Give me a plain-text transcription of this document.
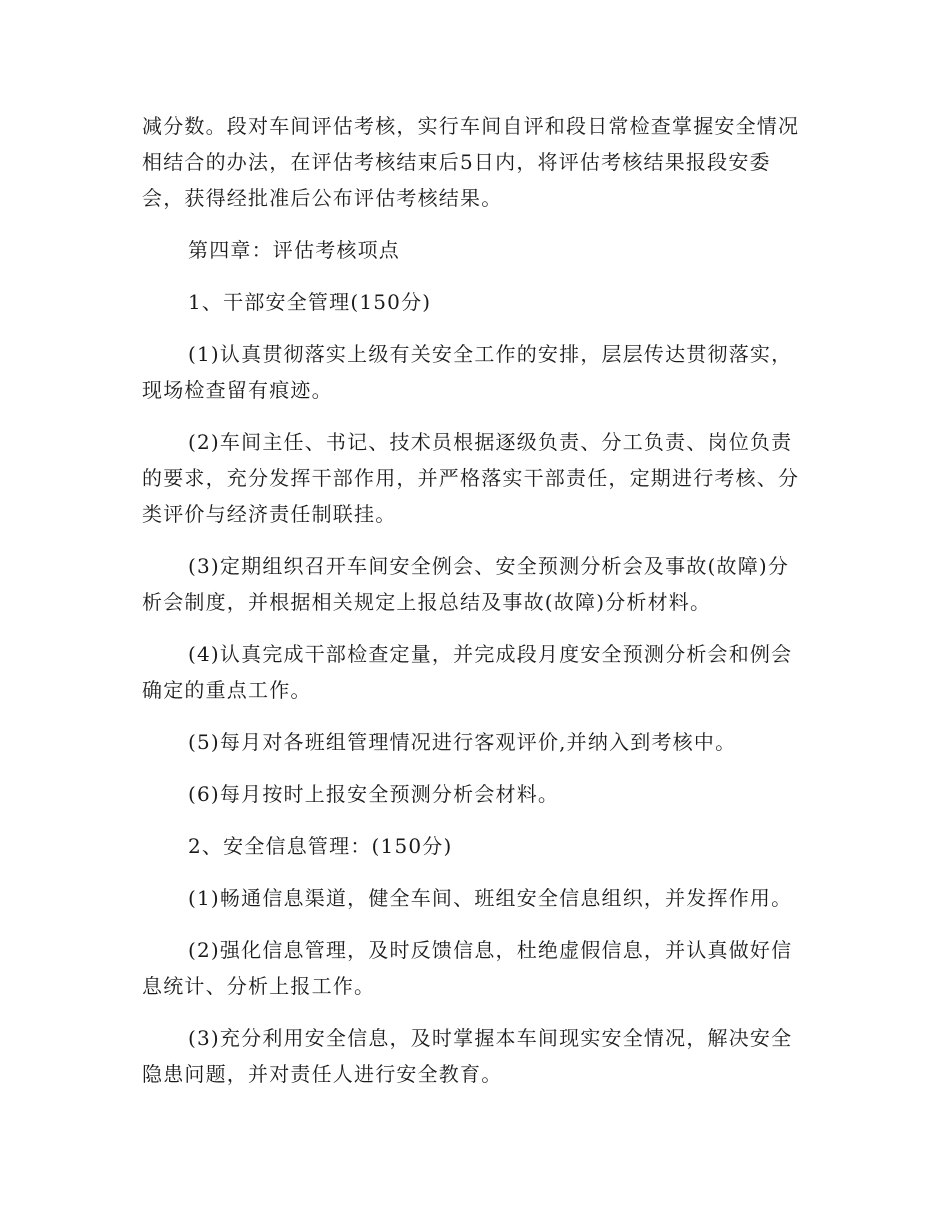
减分数。段对车间评估考核，实行车间自评和段日常检查掌握安全情况相结合的办法，在评估考核结束后5日内，将评估考核结果报段安委会，获得经批准后公布评估考核结果。

第四章：评估考核项点

1、干部安全管理(150分)

(1)认真贯彻落实上级有关安全工作的安排，层层传达贯彻落实，现场检查留有痕迹。

(2)车间主任、书记、技术员根据逐级负责、分工负责、岗位负责的要求，充分发挥干部作用，并严格落实干部责任，定期进行考核、分类评价与经济责任制联挂。

(3)定期组织召开车间安全例会、安全预测分析会及事故(故障)分析会制度，并根据相关规定上报总结及事故(故障)分析材料。

(4)认真完成干部检查定量，并完成段月度安全预测分析会和例会确定的重点工作。

(5)每月对各班组管理情况进行客观评价,并纳入到考核中。

(6)每月按时上报安全预测分析会材料。

2、安全信息管理：(150分)

(1)畅通信息渠道，健全车间、班组安全信息组织，并发挥作用。

(2)强化信息管理，及时反馈信息，杜绝虚假信息，并认真做好信息统计、分析上报工作。

(3)充分利用安全信息，及时掌握本车间现实安全情况，解决安全隐患问题，并对责任人进行安全教育。
